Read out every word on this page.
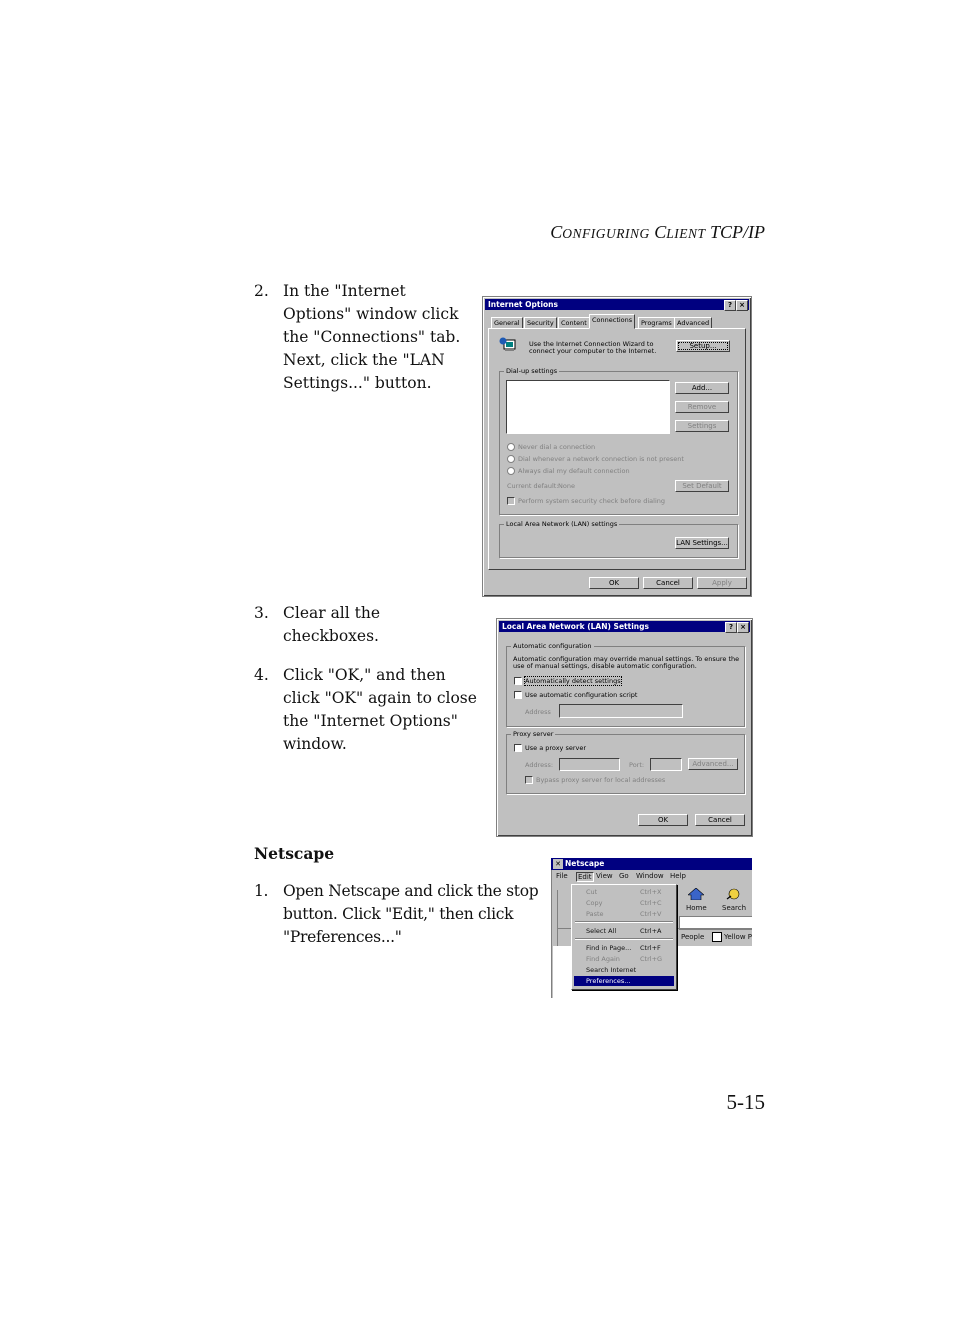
CONFIGURING CLIENT TCP/IP
5-15
2. In the "Internet
Options" window click
the "Connections" tab.
Next, click the "LAN
Settings..." button.
3. Clear all the
checkboxes.
4. Click "OK," and then
click "OK" again to close
the "Internet Options"
window.
Netscape
1. Open Netscape and click the stop
button. Click "Edit," then click
"Preferences..."
Internet Options	?	×
General	Security	Content Connections	Programs Advanced
Use the Internet Connection Wizard to
connect your computer to the Internet.
Setup...
Dial-up settings
Add...
Remove
Settings
Never dial a connection
Dial whenever a network connection is not present
Always dial my default connection
Current default: None	Set Default
Perform system security check before dialing
Local Area Network (LAN) settings
LAN Settings...
OK	Cancel	Apply
Local Area Network (LAN) Settings	?	×
Automatic configuration
Automatic configuration may override manual settings. To ensure the
use of manual settings, disable automatic configuration.
Automatically detect settings
Use automatic configuration script
Address
Proxy server
Use a proxy server
Address:	Port:	Advanced...
Bypass proxy server for local addresses
OK	Cancel
✕ Netscape
File Edit View Go Window Help
Home Search
People	Yellow P
Cut	Ctrl+X
Copy	Ctrl+C
Paste	Ctrl+V
Select All	Ctrl+A
Find in Page... Ctrl+F
Find Again	Ctrl+G
Search Internet
Preferences...
